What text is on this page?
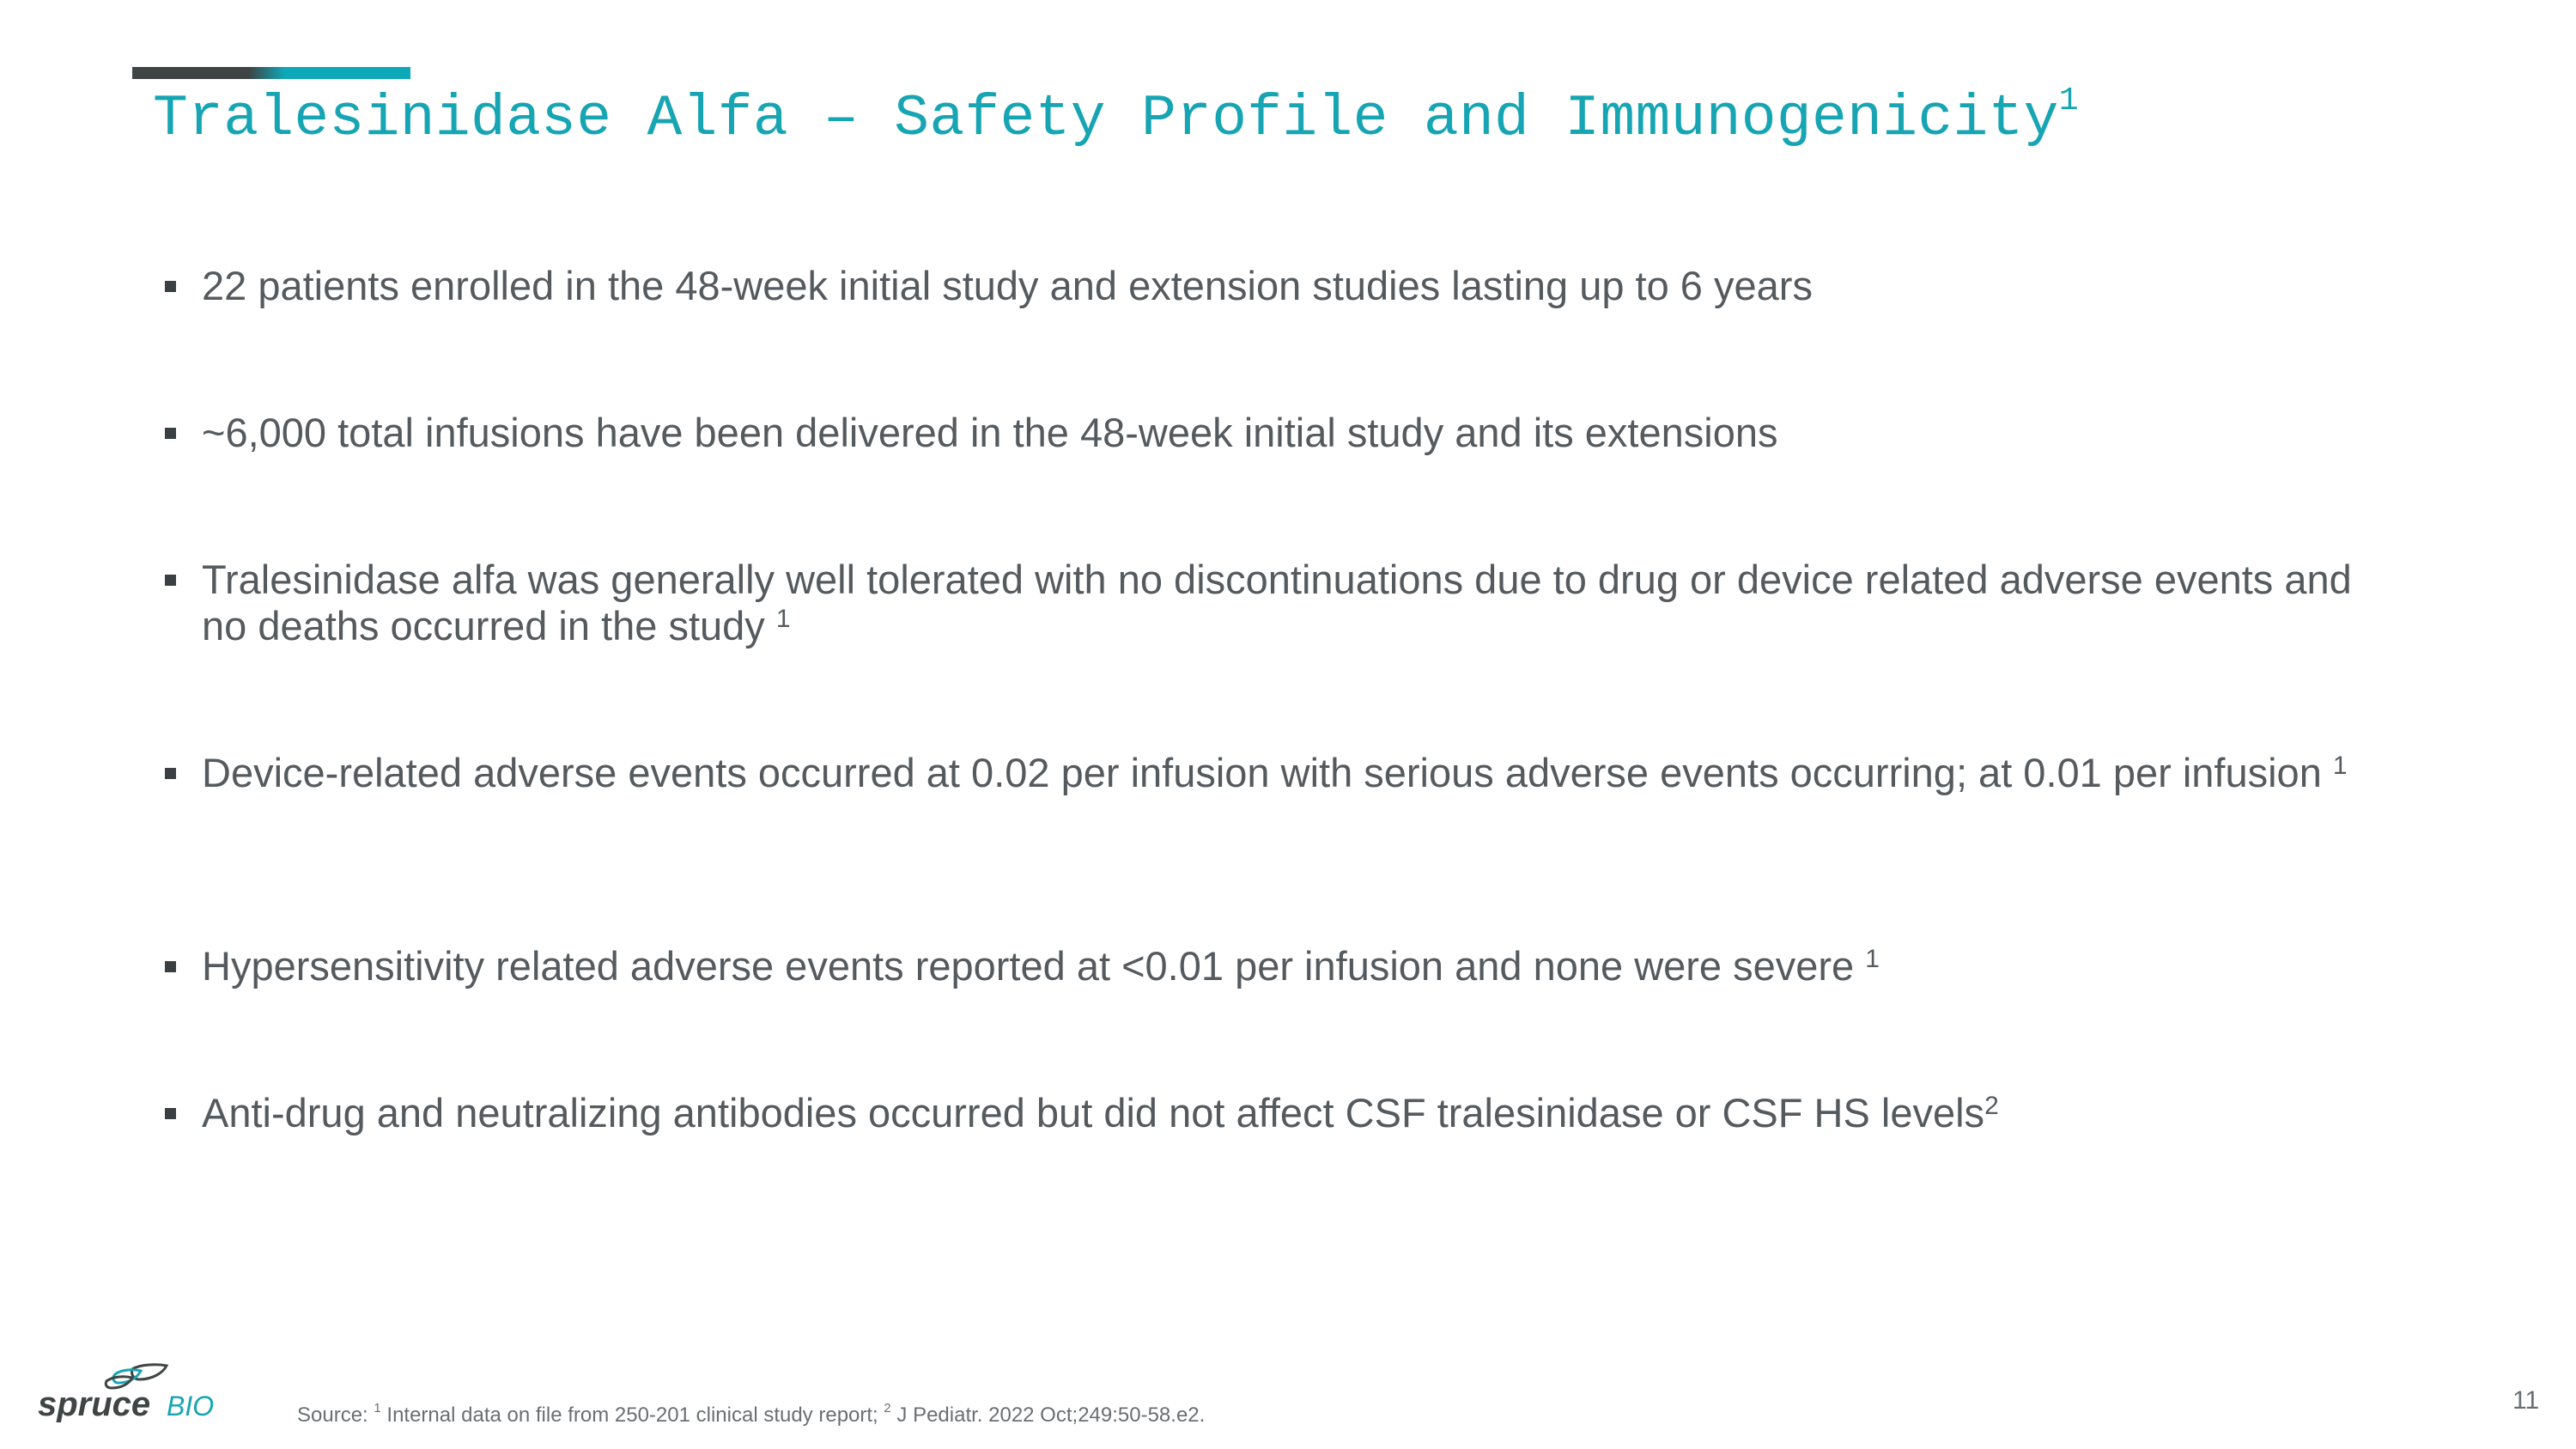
Tralesinidase Alfa – Safety Profile and Immunogenicity$^1$
22 patients enrolled in the 48-week initial study and extension studies lasting up to 6 years
~6,000 total infusions have been delivered in the 48-week initial study and its extensions
Tralesinidase alfa was generally well tolerated with no discontinuations due to drug or device related adverse events and no deaths occurred in the study $^1$
Device-related adverse events occurred at 0.02 per infusion with serious adverse events occurring; at 0.01 per infusion $^1$
Hypersensitivity related adverse events reported at <0.01 per infusion and none were severe $^1$
Anti-drug and neutralizing antibodies occurred but did not affect CSF tralesinidase or CSF HS levels$^2$
spruce BIO	Source: $^1$ Internal data on file from 250-201 clinical study report; $^2$ J Pediatr. 2022 Oct;249:50-58.e2.
11
